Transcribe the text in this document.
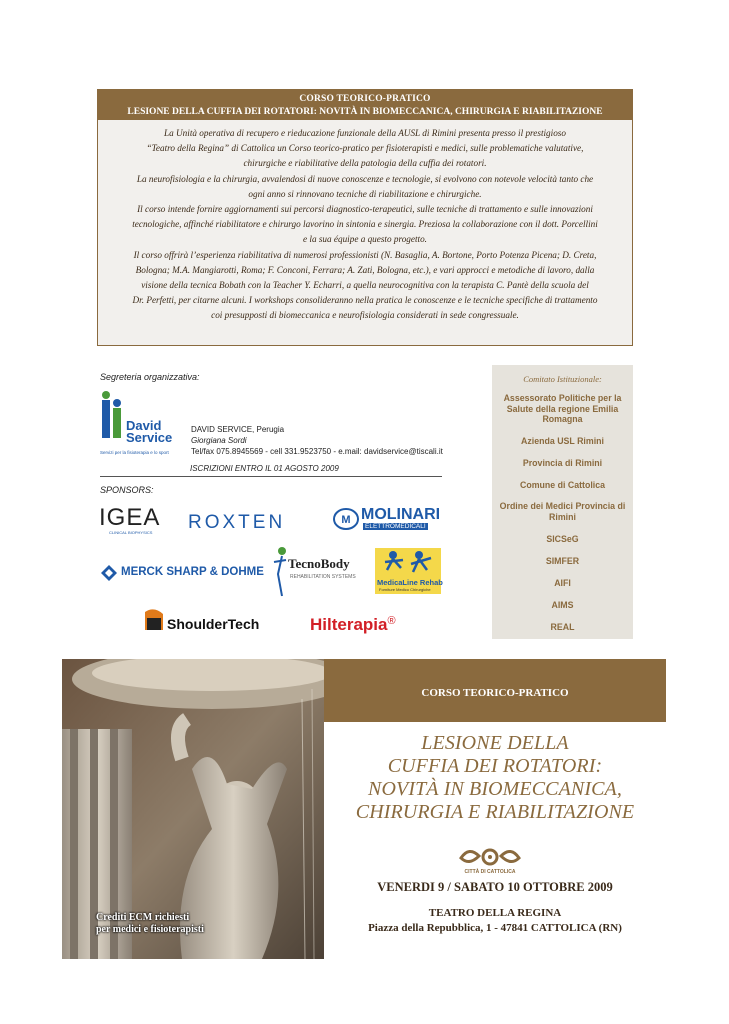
CORSO TEORICO-PRATICO
LESIONE DELLA CUFFIA DEI ROTATORI: NOVITÀ IN BIOMECCANICA, CHIRURGIA E RIABILITAZIONE
La Unità operativa di recupero e rieducazione funzionale della AUSL di Rimini presenta presso il prestigioso
“Teatro della Regina” di Cattolica un Corso teorico-pratico per fisioterapisti e medici, sulle problematiche valutative,
chirurgiche e riabilitative della patologia della cuffia dei rotatori.
La neurofisiologia e la chirurgia, avvalendosi di nuove conoscenze e tecnologie, si evolvono con notevole velocità tanto che
ogni anno si rinnovano tecniche di riabilitazione e chirurgiche.
Il corso intende fornire aggiornamenti sui percorsi diagnostico-terapeutici, sulle tecniche di trattamento e sulle innovazioni
tecnologiche, affinché riabilitatore e chirurgo lavorino in sintonia e sinergia. Preziosa la collaborazione con il dott. Porcellini
e la sua équipe a questo progetto.
Il corso offrirà l’esperienza riabilitativa di numerosi professionisti (N. Basaglia, A. Bortone, Porto Potenza Picena; D. Creta,
Bologna; M.A. Mangiarotti, Roma; F. Conconi, Ferrara; A. Zati, Bologna, etc.), e vari approcci e metodiche di lavoro, dalla
visione della tecnica Bobath con la Teacher Y. Echarri, a quella neurocognitiva con la terapista C. Pantè della scuola del
Dr. Perfetti, per citarne alcuni. I workshops consolideranno nella pratica le conoscenze e le tecniche specifiche di trattamento
coi presupposti di biomeccanica e neurofisiologia considerati in sede congressuale.
Segreteria organizzativa:
David
Service
Servizi per la fisioterapia e lo sport
DAVID SERVICE, Perugia
Giorgiana Sordi
Tel/fax 075.8945569 - cell 331.9523750 - e.mail: davidservice@tiscali.it
ISCRIZIONI ENTRO IL 01 AGOSTO 2009
SPONSORS:
IGEA
CLINICAL BIOPHYSICS	ROXTEN	M MOLINARI
ELETTROMEDICALI
MERCK SHARP & DOHME
TecnoBody
REHABILITATION SYSTEMS
MedicaLine Rehab
Forniture Medico Chirurgiche
ShoulderTech	Hilterapia®
Comitato Istituzionale:
Assessorato Politiche per la Salute della regione Emilia Romagna
Azienda USL Rimini
Provincia di Rimini
Comune di Cattolica
Ordine dei Medici Provincia di Rimini
SICSeG
SIMFER
AIFI
AIMS
REAL
Crediti ECM richiesti
per medici e fisioterapisti
CORSO TEORICO-PRATICO
LESIONE DELLA
CUFFIA DEI ROTATORI:
NOVITÀ IN BIOMECCANICA,
CHIRURGIA E RIABILITAZIONE
CITTÀ DI CATTOLICA
VENERDI 9 / SABATO 10 OTTOBRE 2009
TEATRO DELLA REGINA
Piazza della Repubblica, 1 - 47841 CATTOLICA (RN)
